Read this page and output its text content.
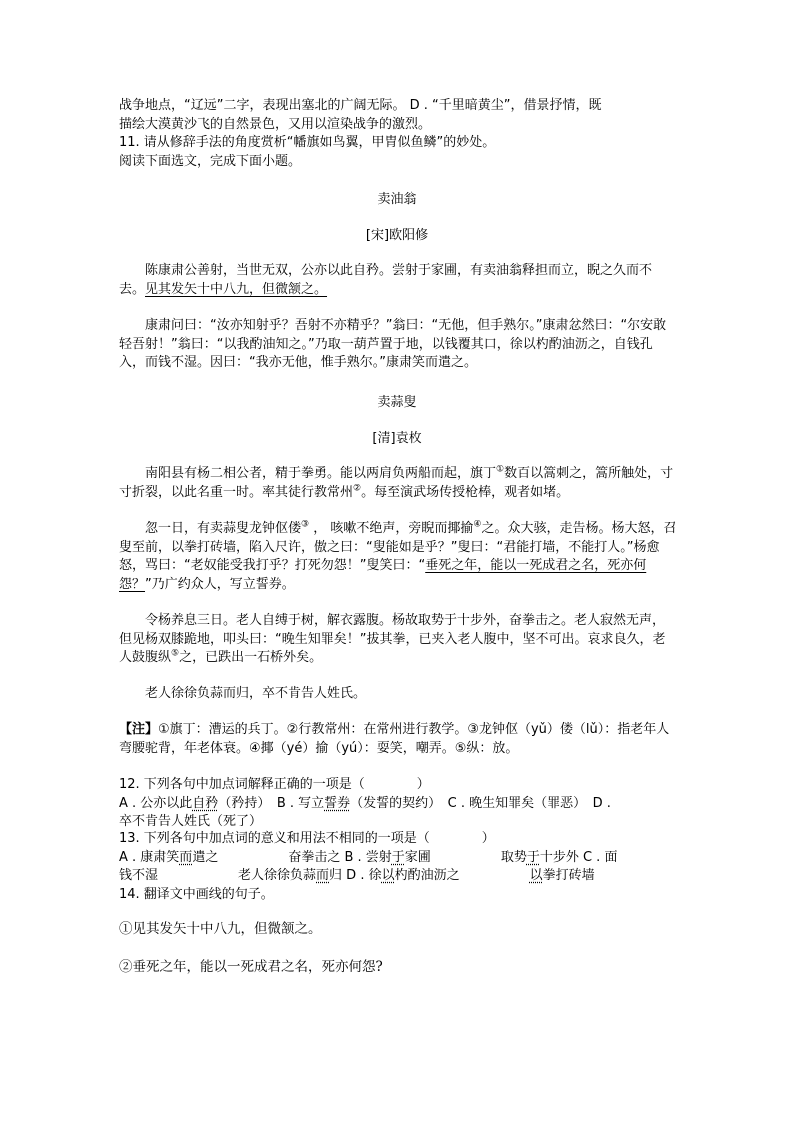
战争地点，“辽远”二字，表现出塞北的广阔无际。 D . “千里暗黄尘”，借景抒情，既
描绘大漠黄沙飞的自然景色，又用以渲染战争的激烈。
11. 请从修辞手法的角度赏析“幡旗如鸟翼，甲胄似鱼鳞”的妙处。
阅读下面选文，完成下面小题。
卖油翁
[宋]欧阳修
陈康肃公善射，当世无双，公亦以此自矜。尝射于家圃，有卖油翁释担而立，睨之久而不去。见其发矢十中八九，但微颔之。
康肃问曰：“汝亦知射乎？吾射不亦精乎？”翁曰：“无他，但手熟尔。”康肃忿然曰：“尔安敢轻吾射！”翁曰：“以我酌油知之。”乃取一葫芦置于地，以钱覆其口，徐以杓酌油沥之，自钱孔入，而钱不湿。因曰：“我亦无他，惟手熟尔。”康肃笑而遣之。
卖蒜叟
[清]袁枚
南阳县有杨二相公者，精于拳勇。能以两肩负两船而起，旗丁①数百以篙刺之，篙所触处，寸寸折裂，以此名重一时。率其徒行教常州②。每至演武场传授枪棒，观者如堵。
忽一日，有卖蒜叟龙钟伛偻③ ， 咳嗽不绝声，旁睨而揶揄④之。众大骇，走告杨。杨大怒，召叟至前，以拳打砖墙，陷入尺许，傲之曰：“叟能如是乎？”叟曰：“君能打墙，不能打人。”杨愈怒，骂曰：“老奴能受我打乎？打死勿怨！”叟笑曰：“垂死之年，能以一死成君之名，死亦何怨？”乃广约众人，写立誓券。
令杨养息三日。老人自缚于树，解衣露腹。杨故取势于十步外，奋拳击之。老人寂然无声，但见杨双膝跪地，叩头曰：“晚生知罪矣！”拔其拳，已夹入老人腹中，坚不可出。哀求良久，老人鼓腹纵⑤之，已跌出一石桥外矣。
老人徐徐负蒜而归，卒不肯告人姓氏。
【注】①旗丁：漕运的兵丁。②行教常州：在常州进行教学。③龙钟伛（yǔ）偻（lǔ）：指老年人弯腰驼背，年老体衰。④揶（yé）揄（yú）：耍笑，嘲弄。⑤纵：放。
12. 下列各句中加点词解释正确的一项是（　　　　）
A . 公亦以此自矜（矜持）　B . 写立誓券（发誓的契约）　C . 晚生知罪矣（罪恶）　D .
卒不肯告人姓氏（死了）
13. 下列各句中加点词的意义和用法不相同的一项是（　　　　）
A . 康肃笑而遣之	奋拳击之 B . 尝射于家圃	取势于十步外 C . 面
钱不湿	老人徐徐负蒜而归 D . 徐以杓酌油沥之	以拳打砖墙
14. 翻译文中画线的句子。
①见其发矢十中八九，但微颔之。
②垂死之年，能以一死成君之名，死亦何怨?
